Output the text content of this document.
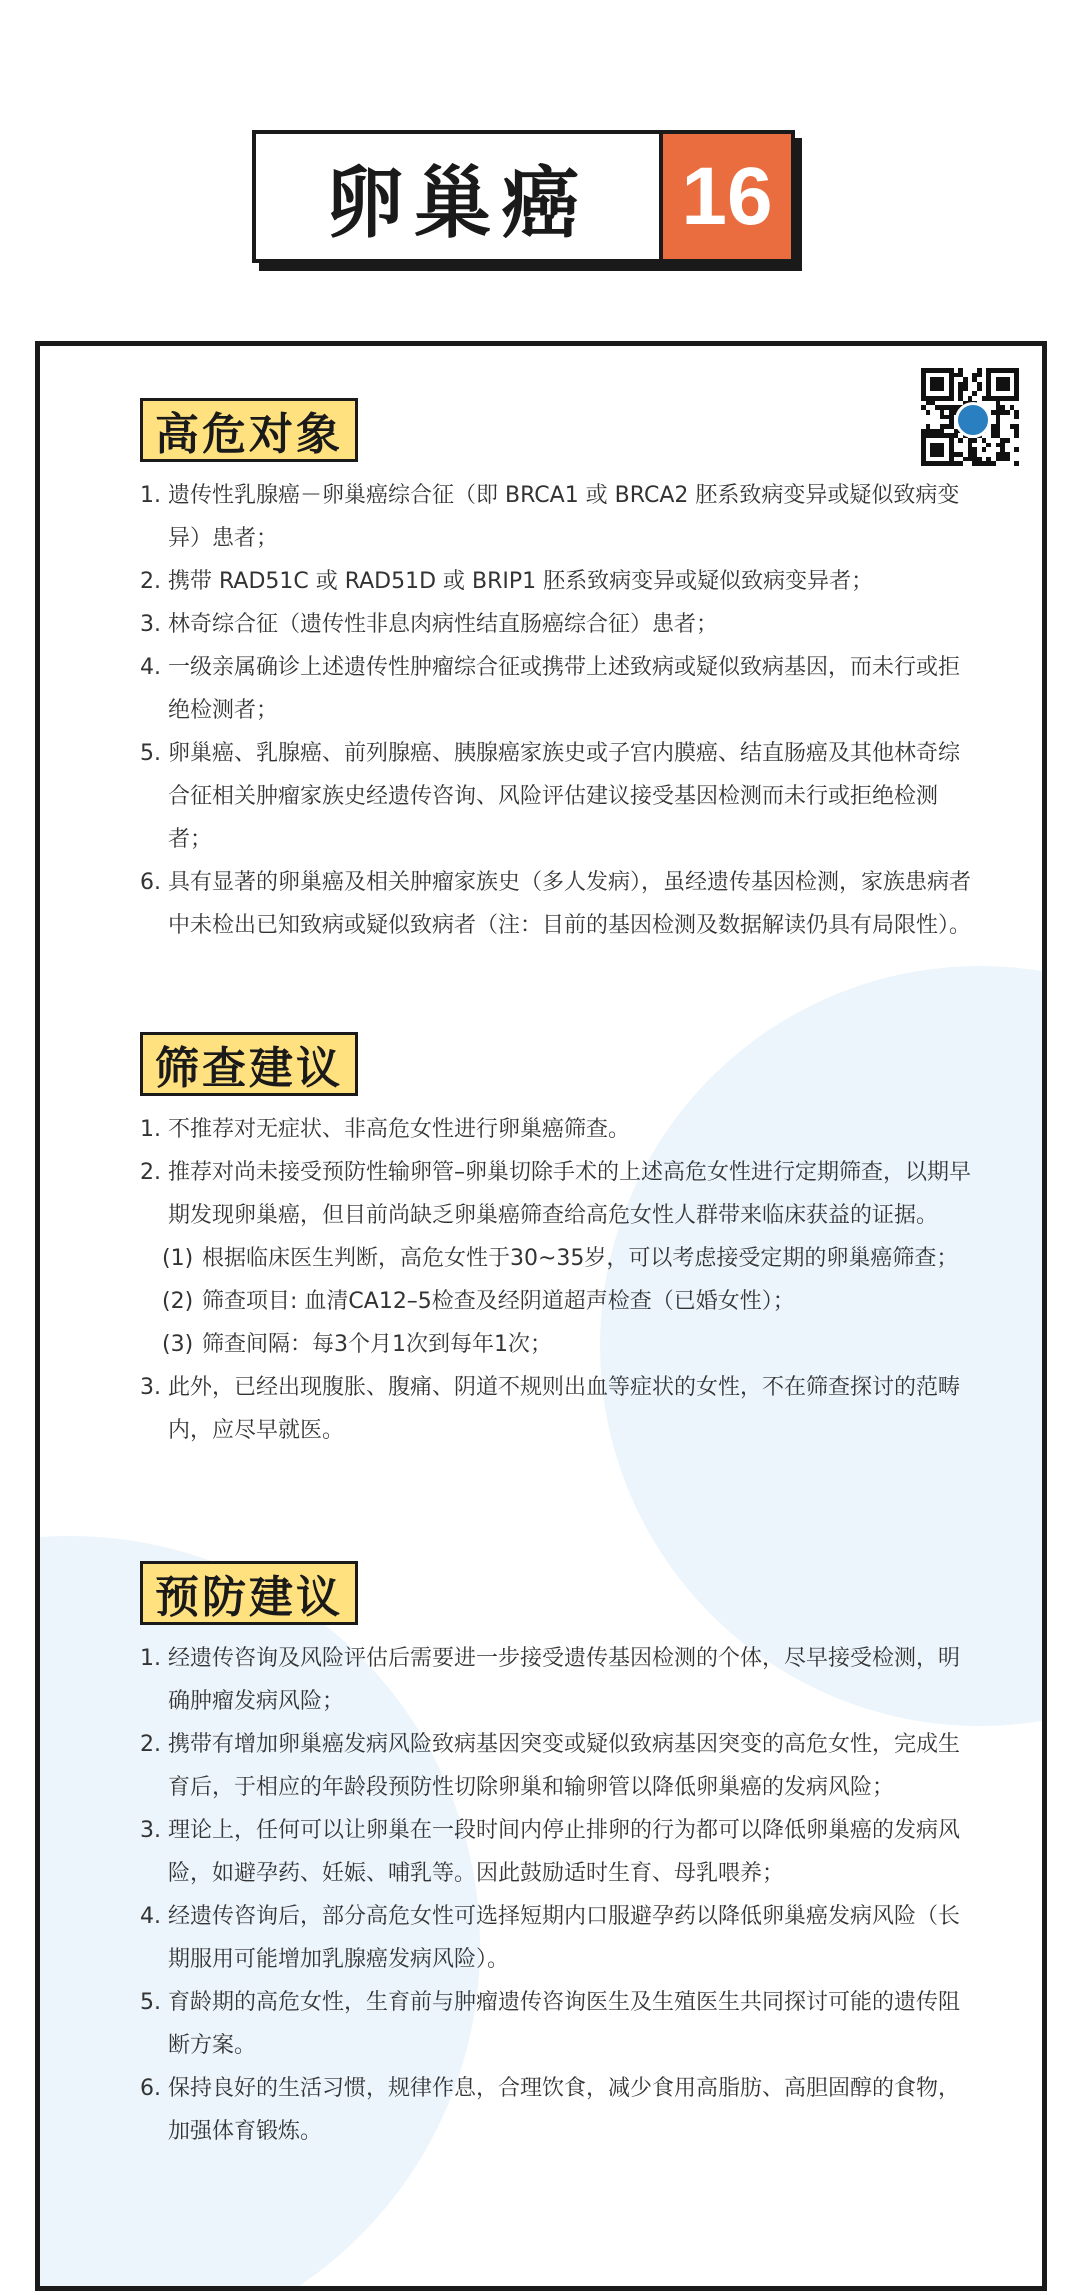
卵巢癌	16
高危对象
1. 遗传性乳腺癌－卵巢癌综合征（即 BRCA1 或 BRCA2 胚系致病变异或疑似致病变异）患者；
2. 携带 RAD51C 或 RAD51D 或 BRIP1 胚系致病变异或疑似致病变异者；
3. 林奇综合征（遗传性非息肉病性结直肠癌综合征）患者；
4. 一级亲属确诊上述遗传性肿瘤综合征或携带上述致病或疑似致病基因，而未行或拒绝检测者；
5. 卵巢癌、乳腺癌、前列腺癌、胰腺癌家族史或子宫内膜癌、结直肠癌及其他林奇综合征相关肿瘤家族史经遗传咨询、风险评估建议接受基因检测而未行或拒绝检测者；
6. 具有显著的卵巢癌及相关肿瘤家族史（多人发病），虽经遗传基因检测，家族患病者中未检出已知致病或疑似致病者（注：目前的基因检测及数据解读仍具有局限性）。
筛查建议
1. 不推荐对无症状、非高危女性进行卵巢癌筛查。
2. 推荐对尚未接受预防性输卵管–卵巢切除手术的上述高危女性进行定期筛查，以期早期发现卵巢癌，但目前尚缺乏卵巢癌筛查给高危女性人群带来临床获益的证据。
(1) 根据临床医生判断，高危女性于30~35岁，可以考虑接受定期的卵巢癌筛查；
(2) 筛查项目: 血清CA12–5检查及经阴道超声检查（已婚女性）；
(3) 筛查间隔：每3个月1次到每年1次；
3. 此外，已经出现腹胀、腹痛、阴道不规则出血等症状的女性，不在筛查探讨的范畴内，应尽早就医。
预防建议
1. 经遗传咨询及风险评估后需要进一步接受遗传基因检测的个体，尽早接受检测，明确肿瘤发病风险；
2. 携带有增加卵巢癌发病风险致病基因突变或疑似致病基因突变的高危女性，完成生育后，于相应的年龄段预防性切除卵巢和输卵管以降低卵巢癌的发病风险；
3. 理论上，任何可以让卵巢在一段时间内停止排卵的行为都可以降低卵巢癌的发病风险，如避孕药、妊娠、哺乳等。因此鼓励适时生育、母乳喂养；
4. 经遗传咨询后，部分高危女性可选择短期内口服避孕药以降低卵巢癌发病风险（长期服用可能增加乳腺癌发病风险）。
5. 育龄期的高危女性，生育前与肿瘤遗传咨询医生及生殖医生共同探讨可能的遗传阻断方案。
6. 保持良好的生活习惯，规律作息，合理饮食，减少食用高脂肪、高胆固醇的食物，加强体育锻炼。
